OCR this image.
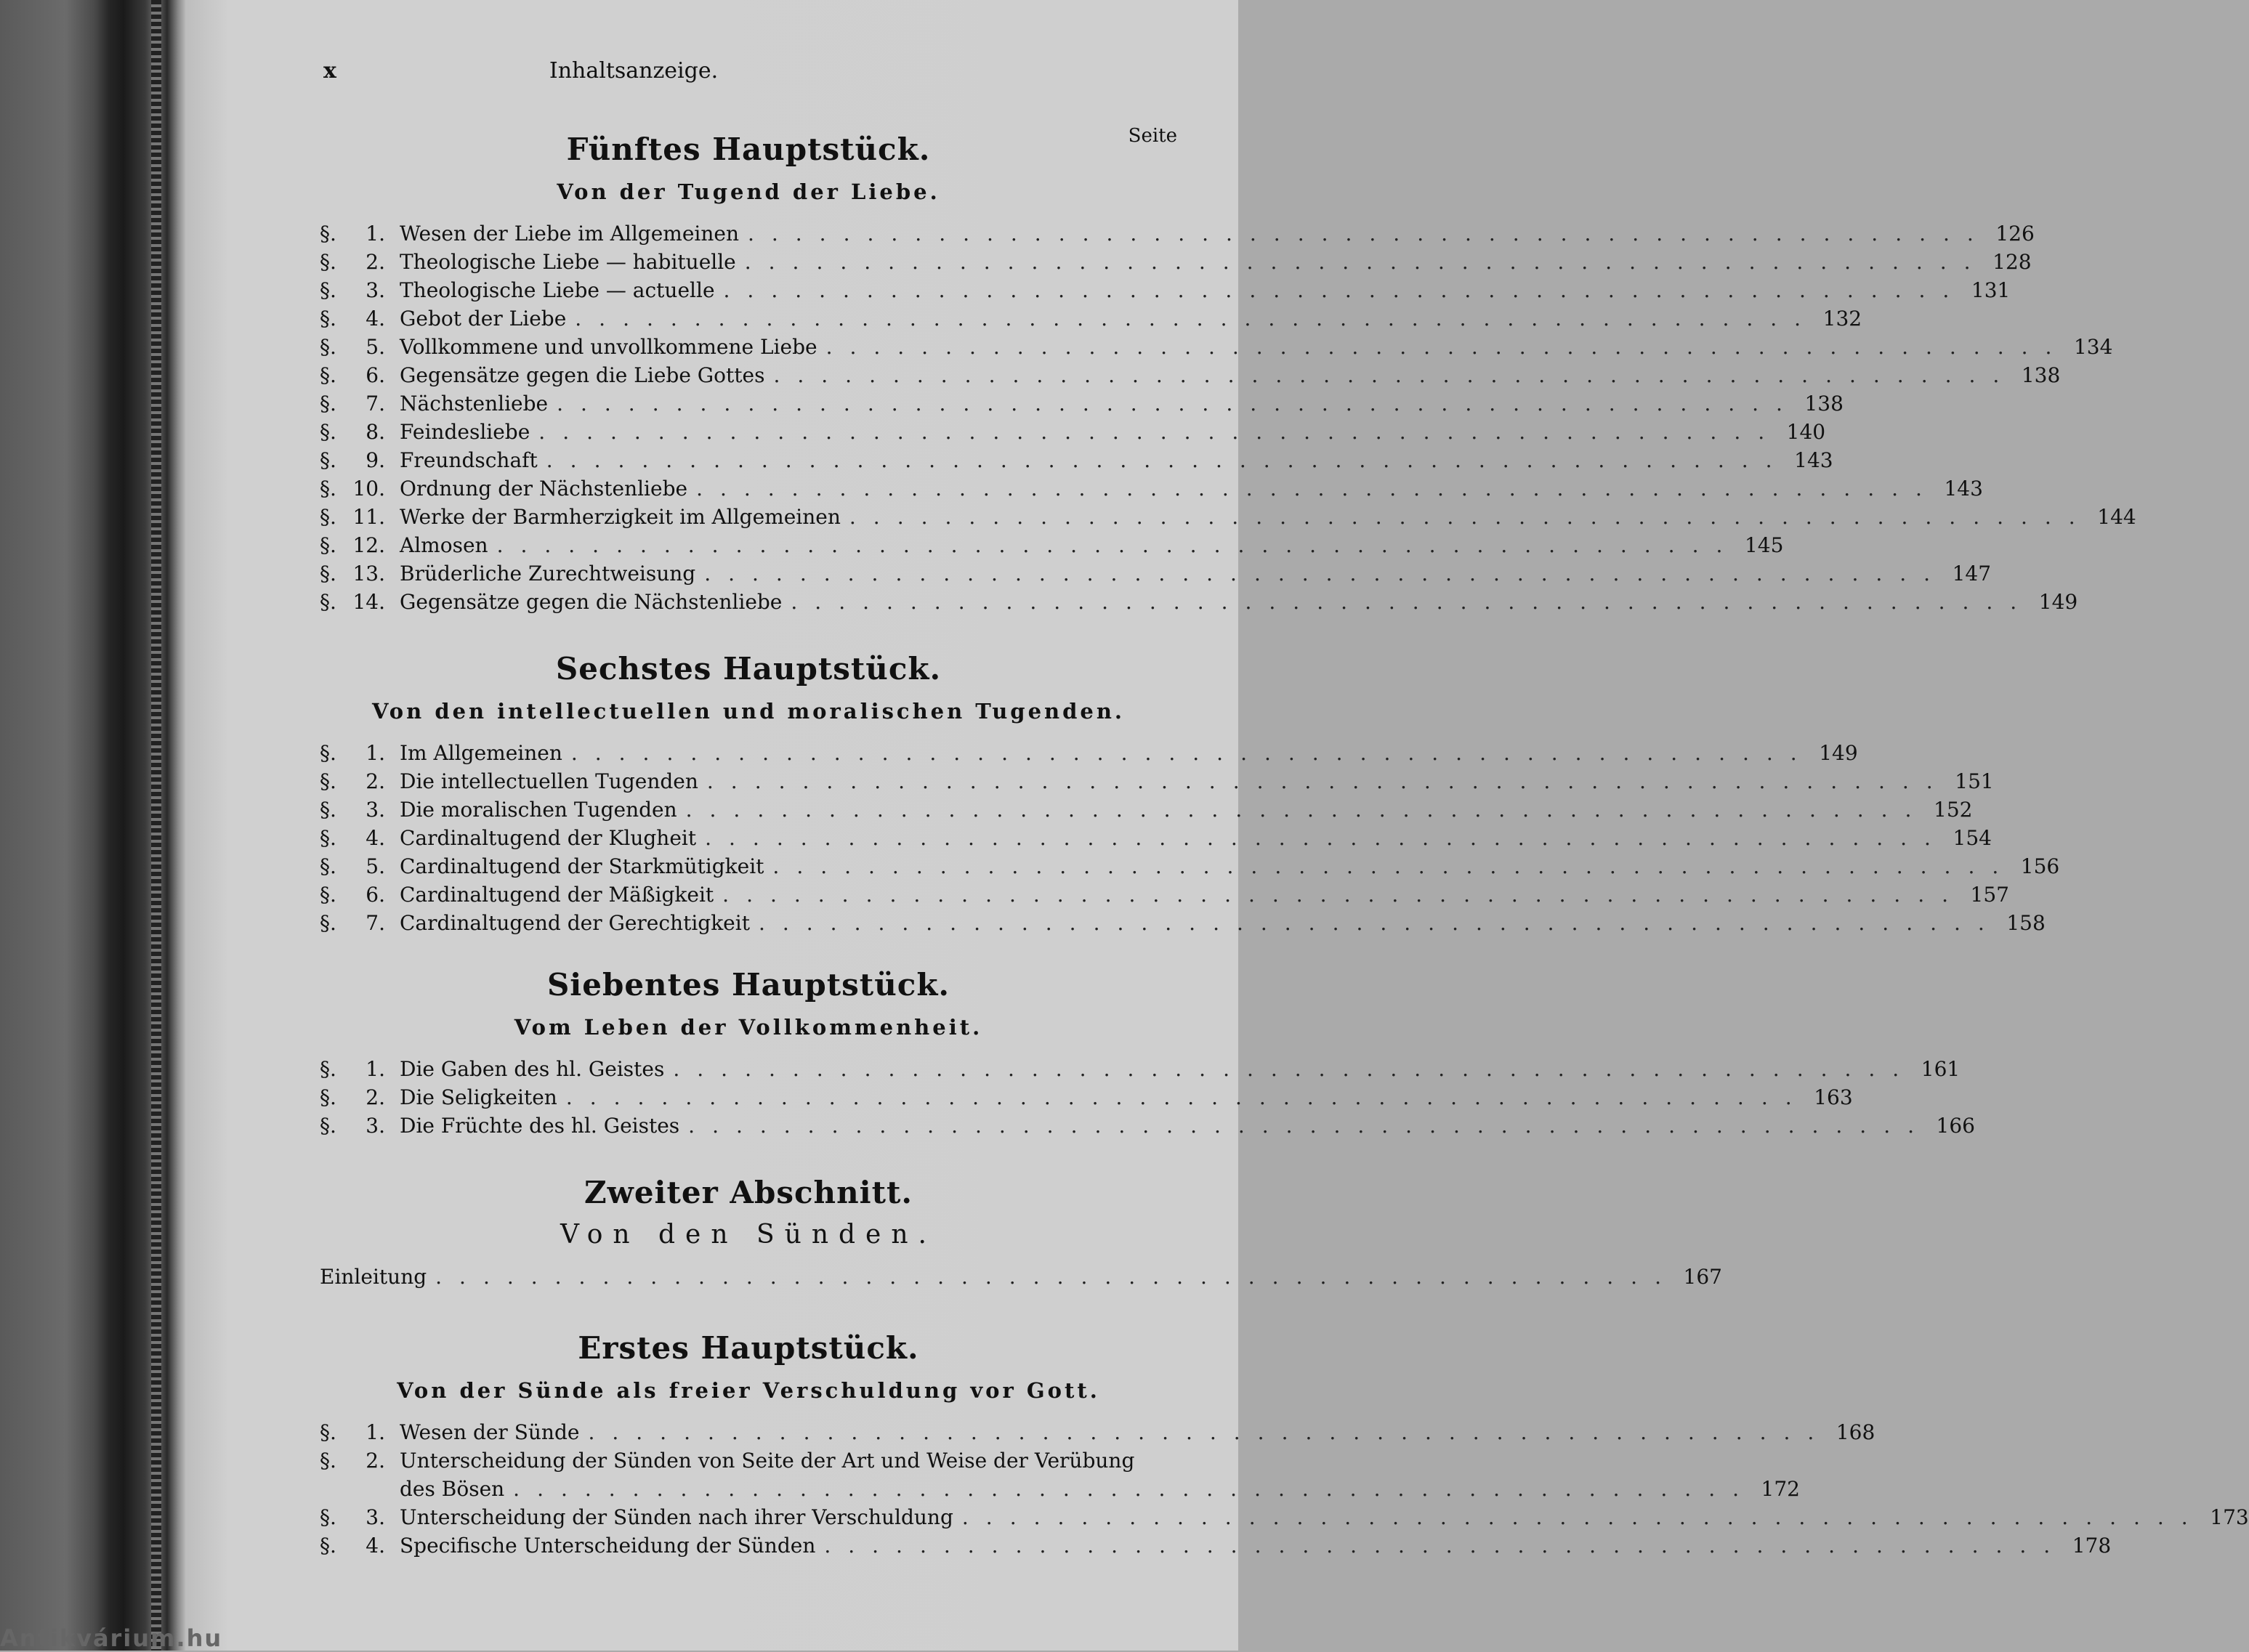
x	Inhaltsanzeige.
Seite
Fünftes Hauptstück.
Von der Tugend der Liebe.
§.	1. Wesen der Liebe im Allgemeinen .................................................... 126
§.	2. Theologische Liebe — habituelle .................................................... 128
§.	3. Theologische Liebe — actuelle .................................................... 131
§.	4. Gebot der Liebe .................................................... 132
§.	5. Vollkommene und unvollkommene Liebe .................................................... 134
§.	6. Gegensätze gegen die Liebe Gottes .................................................... 138
§.	7. Nächstenliebe .................................................... 138
§.	8. Feindesliebe .................................................... 140
§.	9. Freundschaft .................................................... 143
§. 10. Ordnung der Nächstenliebe .................................................... 143
§. 11. Werke der Barmherzigkeit im Allgemeinen .................................................... 144
§. 12. Almosen .................................................... 145
§. 13. Brüderliche Zurechtweisung .................................................... 147
§. 14. Gegensätze gegen die Nächstenliebe .................................................... 149
Sechstes Hauptstück.
Von den intellectuellen und moralischen Tugenden.
§.	1. Im Allgemeinen .................................................... 149
§.	2. Die intellectuellen Tugenden .................................................... 151
§.	3. Die moralischen Tugenden .................................................... 152
§.	4. Cardinaltugend der Klugheit .................................................... 154
§.	5. Cardinaltugend der Starkmütigkeit .................................................... 156
§.	6. Cardinaltugend der Mäßigkeit .................................................... 157
§.	7. Cardinaltugend der Gerechtigkeit .................................................... 158
Siebentes Hauptstück.
Vom Leben der Vollkommenheit.
§.	1. Die Gaben des hl. Geistes .................................................... 161
§.	2. Die Seligkeiten .................................................... 163
§.	3. Die Früchte des hl. Geistes .................................................... 166
Zweiter Abschnitt.
Von den Sünden.
Einleitung .................................................... 167
Erstes Hauptstück.
Von der Sünde als freier Verschuldung vor Gott.
§.	1. Wesen der Sünde .................................................... 168
§.	2. Unterscheidung der Sünden von Seite der Art und Weise der Verübung
des Bösen .................................................... 172
§.	3. Unterscheidung der Sünden nach ihrer Verschuldung .................................................... 173
§.	4. Specifische Unterscheidung der Sünden .................................................... 178
Antikvárium.hu
